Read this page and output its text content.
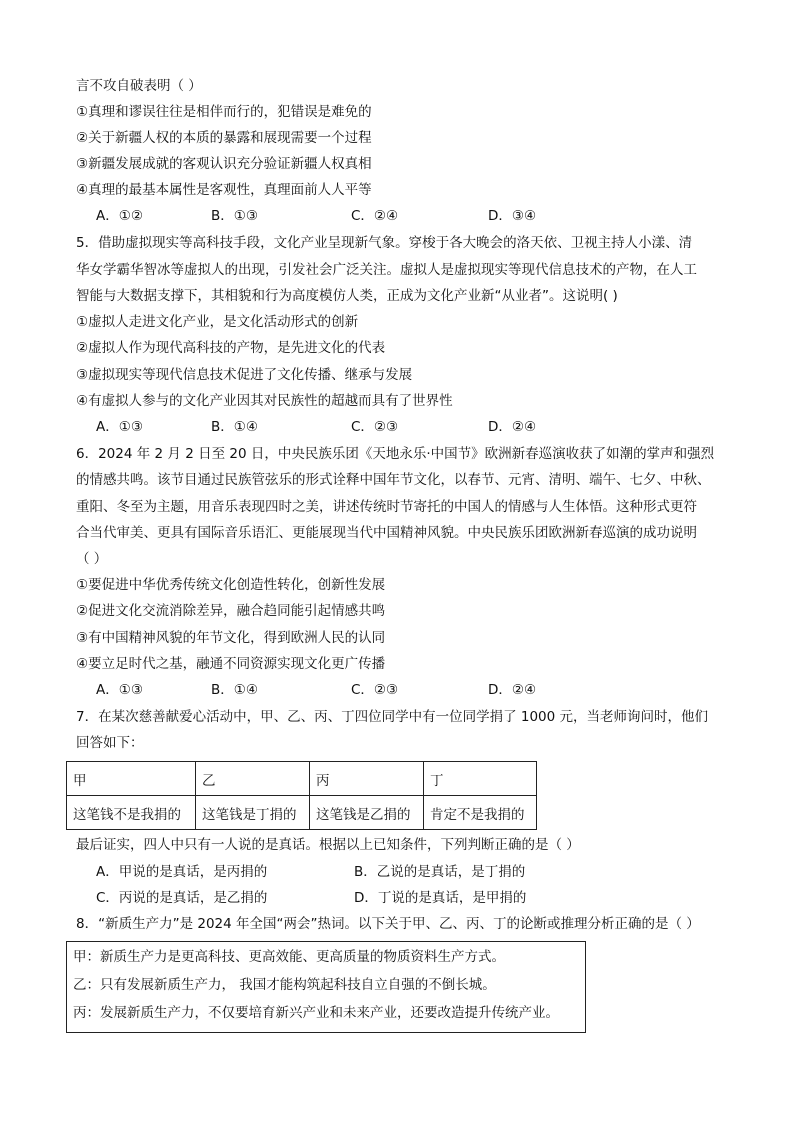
言不攻自破表明（ ）
①真理和谬误往往是相伴而行的，犯错误是难免的
②关于新疆人权的本质的暴露和展现需要一个过程
③新疆发展成就的客观认识充分验证新疆人权真相
④真理的最基本属性是客观性，真理面前人人平等
A．①②	B．①③	C．②④	D．③④
5．借助虚拟现实等高科技手段，文化产业呈现新气象。穿梭于各大晚会的洛天依、卫视主持人小漾、清
华女学霸华智冰等虚拟人的出现，引发社会广泛关注。虚拟人是虚拟现实等现代信息技术的产物，在人工
智能与大数据支撑下，其相貌和行为高度模仿人类，正成为文化产业新“从业者”。这说明( )
①虚拟人走进文化产业，是文化活动形式的创新
②虚拟人作为现代高科技的产物，是先进文化的代表
③虚拟现实等现代信息技术促进了文化传播、继承与发展
④有虚拟人参与的文化产业因其对民族性的超越而具有了世界性
A．①③	B．①④	C．②③	D．②④
6．2024 年 2 月 2 日至 20 日，中央民族乐团《天地永乐·中国节》欧洲新春巡演收获了如潮的掌声和强烈
的情感共鸣。该节目通过民族管弦乐的形式诠释中国年节文化，以春节、元宵、清明、端午、七夕、中秋、
重阳、冬至为主题，用音乐表现四时之美，讲述传统时节寄托的中国人的情感与人生体悟。这种形式更符
合当代审美、更具有国际音乐语汇、更能展现当代中国精神风貌。中央民族乐团欧洲新春巡演的成功说明
（ ）
①要促进中华优秀传统文化创造性转化，创新性发展
②促进文化交流消除差异，融合趋同能引起情感共鸣
③有中国精神风貌的年节文化，得到欧洲人民的认同
④要立足时代之基，融通不同资源实现文化更广传播
A．①③	B．①④	C．②③	D．②④
7．在某次慈善献爱心活动中，甲、乙、丙、丁四位同学中有一位同学捐了 1000 元，当老师询问时，他们
回答如下：
甲	乙	丙	丁
这笔钱不是我捐的	这笔钱是丁捐的	这笔钱是乙捐的	肯定不是我捐的
最后证实，四人中只有一人说的是真话。根据以上已知条件，下列判断正确的是（ ）
A．甲说的是真话，是丙捐的	B．乙说的是真话，是丁捐的
C．丙说的是真话，是乙捐的	D．丁说的是真话，是甲捐的
8．“新质生产力”是 2024 年全国“两会”热词。以下关于甲、乙、丙、丁的论断或推理分析正确的是（ ）
甲：新质生产力是更高科技、更高效能、更高质量的物质资料生产方式。
乙：只有发展新质生产力， 我国才能构筑起科技自立自强的不倒长城。
丙：发展新质生产力，不仅要培育新兴产业和未来产业，还要改造提升传统产业。
